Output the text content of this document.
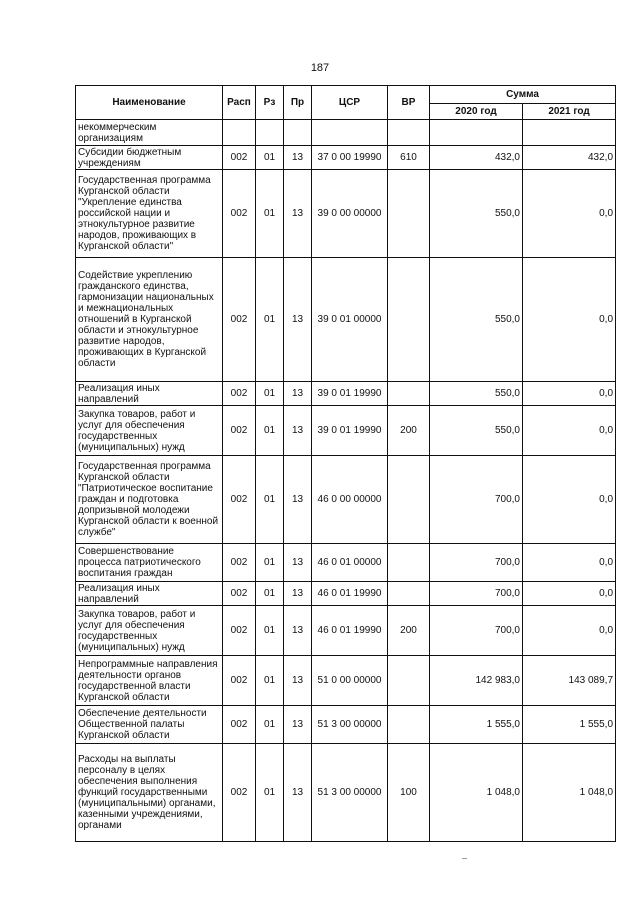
187
Наименование	Расп	Рз	Пр	ЦСР	ВР	Сумма	
						2020 год	2021 год
некоммерческим организациям							
Субсидии бюджетным учреждениям	002	01	13	37 0 00 19990	610	432,0	432,0
Государственная программа Курганской области "Укрепление единства российской нации и этнокультурное развитие народов, проживающих в Курганской области"	002	01	13	39 0 00 00000		550,0	0,0
Содействие укреплению гражданского единства, гармонизации национальных и межнациональных отношений в Курганской области и этнокультурное развитие народов, проживающих в Курганской области	002	01	13	39 0 01 00000		550,0	0,0
Реализация иных направлений	002	01	13	39 0 01 19990		550,0	0,0
Закупка товаров, работ и услуг для обеспечения государственных (муниципальных) нужд	002	01	13	39 0 01 19990	200	550,0	0,0
Государственная программа Курганской области "Патриотическое воспитание граждан и подготовка допризывной молодежи Курганской области к военной службе"	002	01	13	46 0 00 00000		700,0	0,0
Совершенствование процесса патриотического воспитания граждан	002	01	13	46 0 01 00000		700,0	0,0
Реализация иных направлений	002	01	13	46 0 01 19990		700,0	0,0
Закупка товаров, работ и услуг для обеспечения государственных (муниципальных) нужд	002	01	13	46 0 01 19990	200	700,0	0,0
Непрограммные направления деятельности органов государственной власти Курганской области	002	01	13	51 0 00 00000		142 983,0	143 089,7
Обеспечение деятельности Общественной палаты Курганской области	002	01	13	51 3 00 00000		1 555,0	1 555,0
Расходы на выплаты персоналу в целях обеспечения выполнения функций государственными (муниципальными) органами, казенными учреждениями, органами	002	01	13	51 3 00 00000	100	1 048,0	1 048,0
